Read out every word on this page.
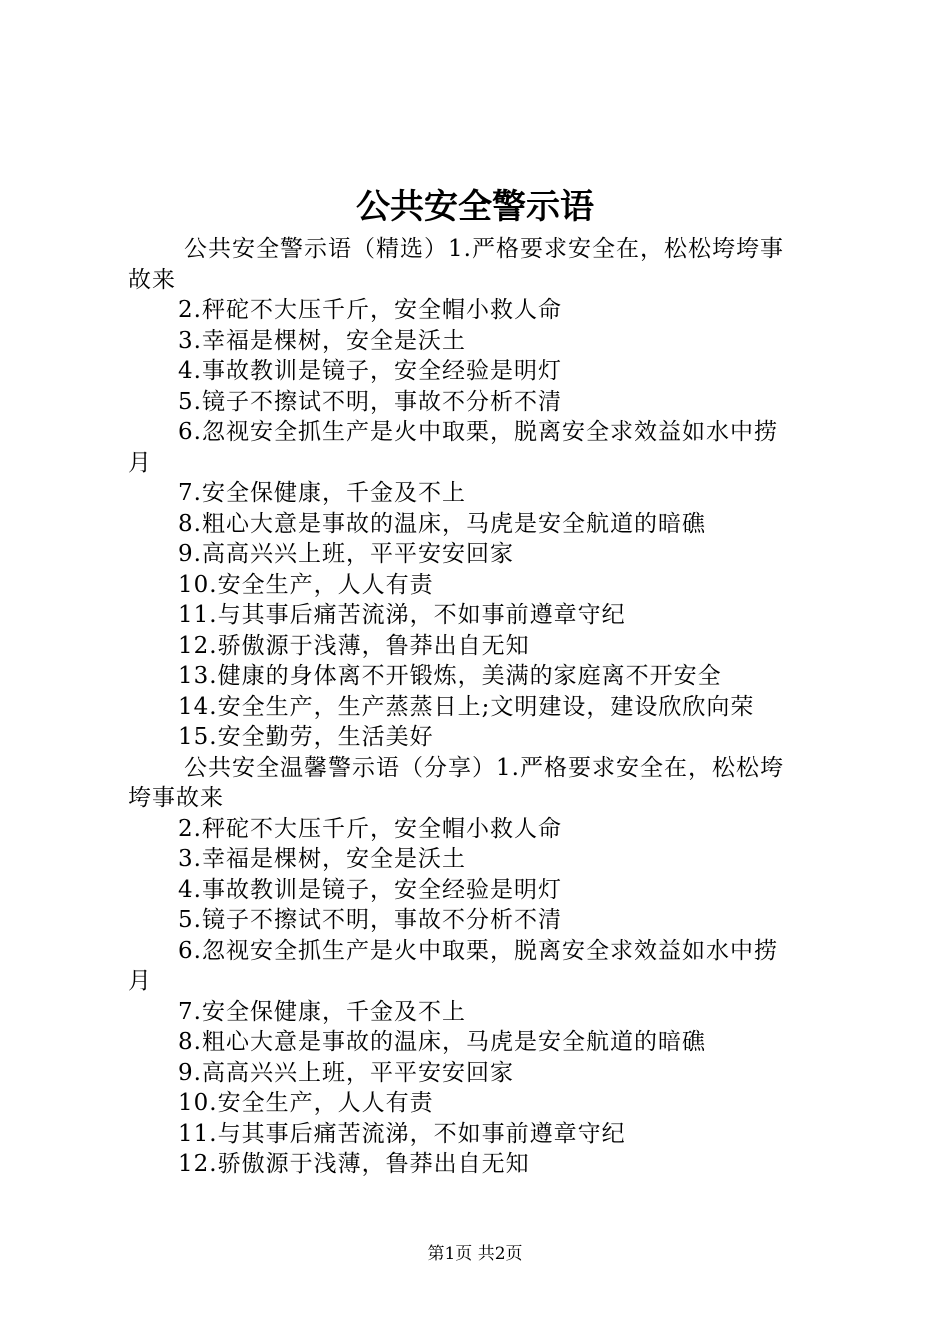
公共安全警示语
公共安全警示语（精选）1.严格要求安全在，松松垮垮事
故来
2.秤砣不大压千斤，安全帽小救人命
3.幸福是棵树，安全是沃土
4.事故教训是镜子，安全经验是明灯
5.镜子不擦试不明，事故不分析不清
6.忽视安全抓生产是火中取栗，脱离安全求效益如水中捞
月
7.安全保健康，千金及不上
8.粗心大意是事故的温床，马虎是安全航道的暗礁
9.高高兴兴上班，平平安安回家
10.安全生产，人人有责
11.与其事后痛苦流涕，不如事前遵章守纪
12.骄傲源于浅薄，鲁莽出自无知
13.健康的身体离不开锻炼，美满的家庭离不开安全
14.安全生产，生产蒸蒸日上;文明建设，建设欣欣向荣
15.安全勤劳，生活美好
公共安全温馨警示语（分享）1.严格要求安全在，松松垮
垮事故来
2.秤砣不大压千斤，安全帽小救人命
3.幸福是棵树，安全是沃土
4.事故教训是镜子，安全经验是明灯
5.镜子不擦试不明，事故不分析不清
6.忽视安全抓生产是火中取栗，脱离安全求效益如水中捞
月
7.安全保健康，千金及不上
8.粗心大意是事故的温床，马虎是安全航道的暗礁
9.高高兴兴上班，平平安安回家
10.安全生产，人人有责
11.与其事后痛苦流涕，不如事前遵章守纪
12.骄傲源于浅薄，鲁莽出自无知
第1页 共2页
